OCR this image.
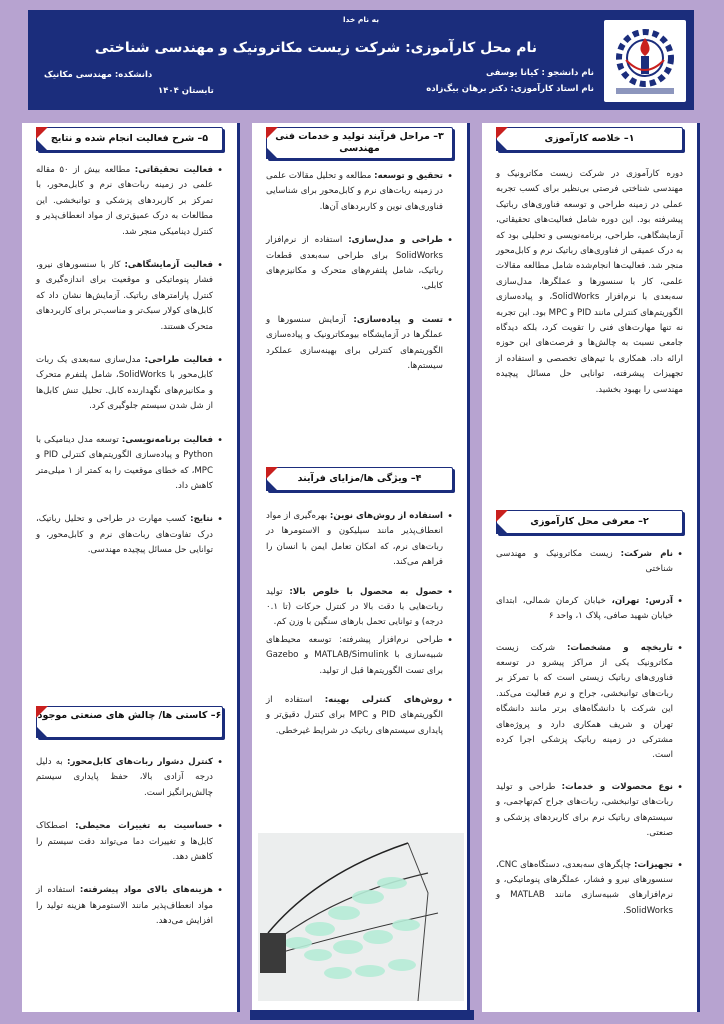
به نام خدا
نام محل کارآموزی: شرکت زیست مکاترونیک و مهندسی شناختی
نام دانشجو : کیانا یوسفی
نام استاد کارآموزی: دکتر برهان بیگ‌زاده
دانشکده: مهندسی مکانیک
تابستان ۱۴۰۴
۱– خلاصه کارآموزی

دوره کارآموزی در شرکت زیست مکاترونیک و مهندسی شناختی فرصتی بی‌نظیر برای کسب تجربه عملی در زمینه طراحی و توسعه فناوری‌های رباتیک پیشرفته بود. این دوره شامل فعالیت‌های تحقیقاتی، آزمایشگاهی، طراحی، برنامه‌نویسی و تحلیلی بود که به درک عمیقی از فناوری‌های رباتیک نرم و کابل‌محور منجر شد. فعالیت‌ها انجام‌شده شامل مطالعه مقالات علمی، کار با سنسورها و عملگرها، مدل‌سازی سه‌بعدی با نرم‌افزار SolidWorks، و پیاده‌سازی الگوریتم‌های کنترلی مانند PID و MPC بود. این تجربه نه تنها مهارت‌های فنی را تقویت کرد، بلکه دیدگاه جامعی نسبت به چالش‌ها و فرصت‌های این حوزه ارائه داد. همکاری با تیم‌های تخصصی و استفاده از تجهیزات پیشرفته، توانایی حل مسائل پیچیده مهندسی را بهبود بخشید.

۲– معرفی محل کارآموزی
• نام شرکت: زیست مکاترونیک و مهندسی شناختی
• آدرس: تهران، خیابان کرمان شمالی، ابتدای خیابان شهید صافی، پلاک ۱، واحد ۶
• تاریخچه و مشخصات: شرکت زیست مکاترونیک یکی از مراکز پیشرو در توسعه فناوری‌های رباتیک زیستی است که با تمرکز بر ربات‌های توانبخشی، جراح و نرم فعالیت می‌کند. این شرکت با دانشگاه‌های برتر مانند دانشگاه تهران و شریف همکاری دارد و پروژه‌های مشترکی در زمینه رباتیک پزشکی اجرا کرده است.
• نوع محصولات و خدمات: طراحی و تولید ربات‌های توانبخشی، ربات‌های جراح کم‌تهاجمی، و سیستم‌های رباتیک نرم برای کاربردهای پزشکی و صنعتی.
• تجهیزات: چاپگرهای سه‌بعدی، دستگاه‌های CNC، سنسورهای نیرو و فشار، عملگرهای پنوماتیکی، و نرم‌افزارهای شبیه‌سازی مانند MATLAB و SolidWorks.
۳– مراحل فرآیند تولید و خدمات فنی مهندسی
• تحقیق و توسعه: مطالعه و تحلیل مقالات علمی در زمینه ربات‌های نرم و کابل‌محور برای شناسایی فناوری‌های نوین و کاربردهای آن‌ها.
• طراحی و مدل‌سازی: استفاده از نرم‌افزار SolidWorks برای طراحی سه‌بعدی قطعات رباتیک، شامل پلتفرم‌های متحرک و مکانیزم‌های کابلی.
• تست و پیاده‌سازی: آزمایش سنسورها و عملگرها در آزمایشگاه بیومکاترونیک و پیاده‌سازی الگوریتم‌های کنترلی برای بهینه‌سازی عملکرد سیستم‌ها.
۴– ویژگی ها/مزایای فرآیند
• استفاده از روش‌های نوین: بهره‌گیری از مواد انعطاف‌پذیر مانند سیلیکون و الاستومرها در ربات‌های نرم، که امکان تعامل ایمن با انسان را فراهم می‌کند.
• حصول به محصول با خلوص بالا: تولید ربات‌هایی با دقت بالا در کنترل حرکات (تا ۰.۱ درجه) و توانایی تحمل بارهای سنگین با وزن کم.
• طراحی نرم‌افزار پیشرفته: توسعه محیط‌های شبیه‌سازی با MATLAB/Simulink و Gazebo برای تست الگوریتم‌ها قبل از تولید.
• روش‌های کنترلی بهینه: استفاده از الگوریتم‌های PID و MPC برای کنترل دقیق‌تر و پایداری سیستم‌های رباتیک در شرایط غیرخطی.
۵– شرح فعالیت انجام شده و نتایج
• فعالیت تحقیقاتی: مطالعه بیش از ۵۰ مقاله علمی در زمینه ربات‌های نرم و کابل‌محور، با تمرکز بر کاربردهای پزشکی و توانبخشی. این مطالعات به درک عمیق‌تری از مواد انعطاف‌پذیر و کنترل دینامیکی منجر شد.
• فعالیت آزمایشگاهی: کار با سنسورهای نیرو، فشار پنوماتیکی و موقعیت برای اندازه‌گیری و کنترل پارامترهای رباتیک. آزمایش‌ها نشان داد که کابل‌های کولار سبک‌تر و مناسب‌تر برای کاربردهای متحرک هستند.
• فعالیت طراحی: مدل‌سازی سه‌بعدی یک ربات کابل‌محور با SolidWorks، شامل پلتفرم متحرک و مکانیزم‌های نگهدارنده کابل. تحلیل تنش کابل‌ها از شل شدن سیستم جلوگیری کرد.
• فعالیت برنامه‌نویسی: توسعه مدل دینامیکی با Python و پیاده‌سازی الگوریتم‌های کنترلی PID و MPC، که خطای موقعیت را به کمتر از ۱ میلی‌متر کاهش داد.
• نتایج: کسب مهارت در طراحی و تحلیل رباتیک، درک تفاوت‌های ربات‌های نرم و کابل‌محور، و توانایی حل مسائل پیچیده مهندسی.
۶– کاستی ها/ چالش های صنعتی موجود
• کنترل دشوار ربات‌های کابل‌محور: به دلیل درجه آزادی بالا، حفظ پایداری سیستم چالش‌برانگیز است.
• حساسیت به تغییرات محیطی: اصطکاک کابل‌ها و تغییرات دما می‌تواند دقت سیستم را کاهش دهد.
• هزینه‌های بالای مواد پیشرفته: استفاده از مواد انعطاف‌پذیر مانند الاستومرها هزینه تولید را افزایش می‌دهد.
